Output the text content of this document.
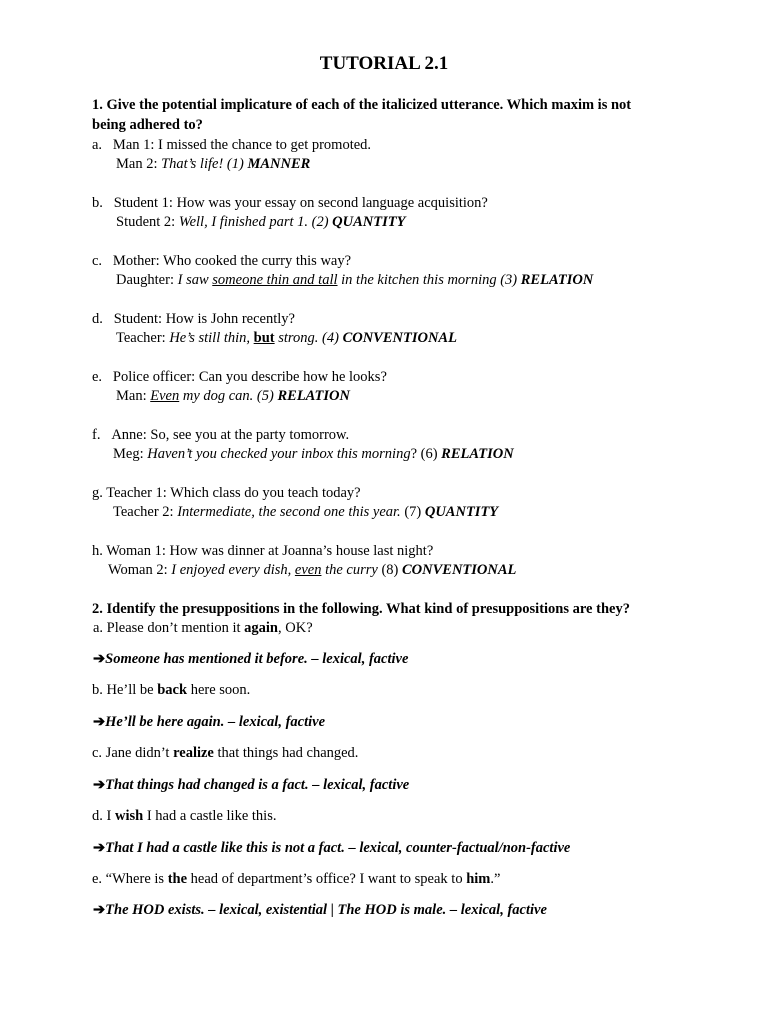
TUTORIAL 2.1
1. Give the potential implicature of each of the italicized utterance. Which maxim is not
being adhered to?
a.   Man 1: I missed the chance to get promoted.
Man 2: That’s life! (1) MANNER
b.   Student 1: How was your essay on second language acquisition?
Student 2: Well, I finished part 1. (2) QUANTITY
c.   Mother: Who cooked the curry this way?
Daughter: I saw someone thin and tall in the kitchen this morning (3) RELATION
d.   Student: How is John recently?
Teacher: He’s still thin, but strong. (4) CONVENTIONAL
e.   Police officer: Can you describe how he looks?
Man: Even my dog can. (5) RELATION
f.   Anne: So, see you at the party tomorrow.
Meg: Haven’t you checked your inbox this morning? (6) RELATION
g. Teacher 1: Which class do you teach today?
Teacher 2: Intermediate, the second one this year. (7) QUANTITY
h. Woman 1: How was dinner at Joanna’s house last night?
Woman 2: I enjoyed every dish, even the curry (8) CONVENTIONAL
2. Identify the presuppositions in the following. What kind of presuppositions are they?
a. Please don’t mention it again, OK?
➔Someone has mentioned it before. – lexical, factive
b. He’ll be back here soon.
➔He’ll be here again. – lexical, factive
c. Jane didn’t realize that things had changed.
➔That things had changed is a fact. – lexical, factive
d. I wish I had a castle like this.
➔That I had a castle like this is not a fact. – lexical, counter-factual/non-factive
e. “Where is the head of department’s office? I want to speak to him.”
➔The HOD exists. – lexical, existential | The HOD is male. – lexical, factive
